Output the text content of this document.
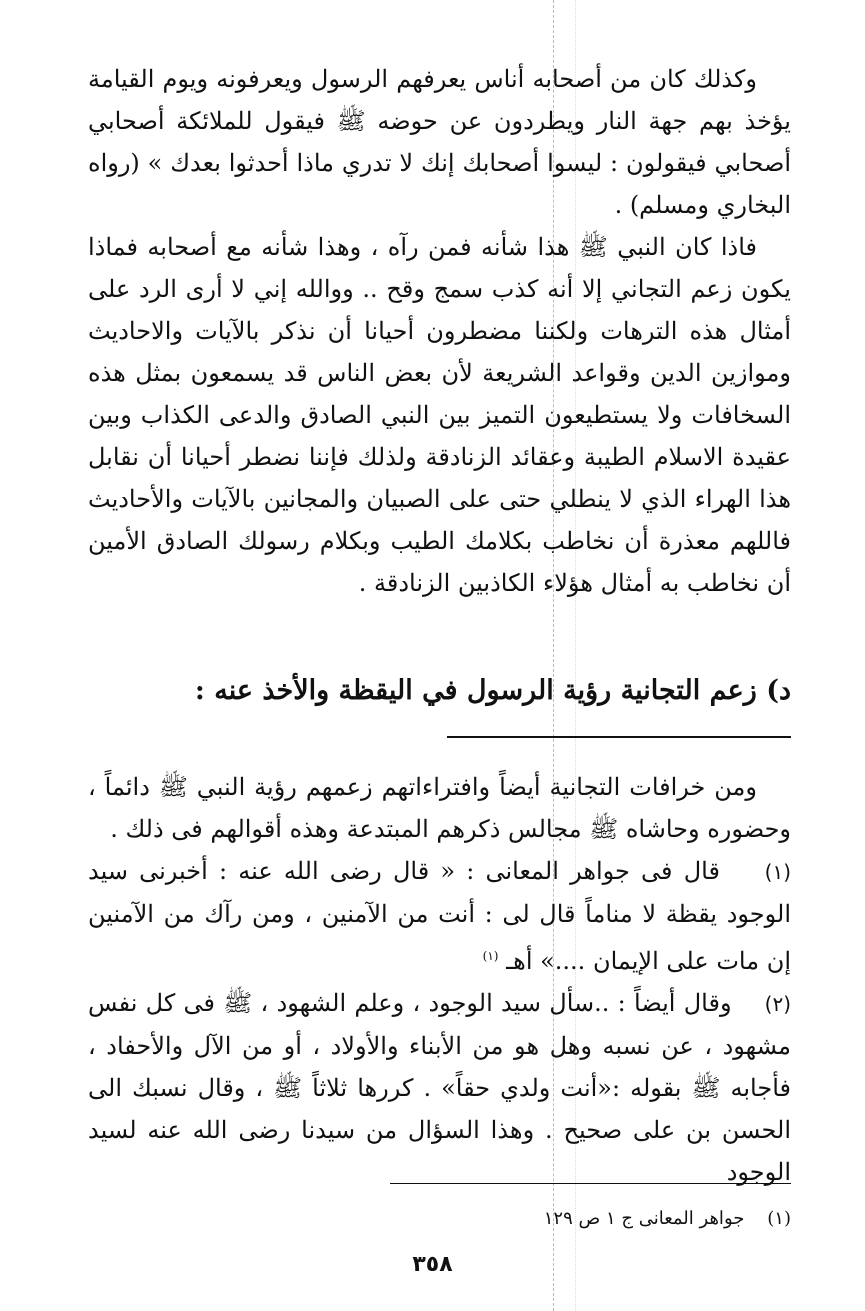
وكذلك كان من أصحابه أناس يعرفهم الرسول ويعرفونه ويوم القيامة يؤخذ بهم جهة النار ويطردون عن حوضه ﷺ فيقول للملائكة أصحابي أصحابي فيقولون : ليسوا أصحابك إنك لا تدري ماذا أحدثوا بعدك » (رواه البخاري ومسلم) .

فاذا كان النبي ﷺ هذا شأنه فمن رآه ، وهذا شأنه مع أصحابه فماذا يكون زعم التجاني إلا أنه كذب سمج وقح .. ووالله إني لا أرى الرد على أمثال هذه الترهات ولكننا مضطرون أحيانا أن نذكر بالآيات والاحاديث وموازين الدين وقواعد الشريعة لأن بعض الناس قد يسمعون بمثل هذه السخافات ولا يستطيعون التميز بين النبي الصادق والدعى الكذاب وبين عقيدة الاسلام الطيبة وعقائد الزنادقة ولذلك فإننا نضطر أحيانا أن نقابل هذا الهراء الذي لا ينطلي حتى على الصبيان والمجانين بالآيات والأحاديث فاللهم معذرة أن نخاطب بكلامك الطيب وبكلام رسولك الصادق الأمين أن نخاطب به أمثال هؤلاء الكاذبين الزنادقة .

د) زعم التجانية رؤية الرسول في اليقظة والأخذ عنه :

ومن خرافات التجانية أيضاً وافتراءاتهم زعمهم رؤية النبي ﷺ دائماً ، وحضوره وحاشاه ﷺ مجالس ذكرهم المبتدعة وهذه أقوالهم فى ذلك .

(١)    قال فى جواهر المعانى : « قال رضى الله عنه : أخبرنى سيد الوجود يقظة لا مناماً قال لى : أنت من الآمنين ، ومن رآك من الآمنين إن مات على الإيمان ....» أهـ $^{(١)}$

(٢)    وقال أيضاً : ..سأل سيد الوجود ، وعلم الشهود ، ﷺ فى كل نفس مشهود ، عن نسبه وهل هو من الأبناء والأولاد ، أو من الآل والأحفاد ، فأجابه ﷺ بقوله :«أنت ولدي حقاً» . كررها ثلاثاً ﷺ ، وقال نسبك الى الحسن بن على صحيح . وهذا السؤال من سيدنا رضى الله عنه لسيد الوجود

(١)    جواهر المعانى ج ١ ص ١٢٩
٣٥٨
